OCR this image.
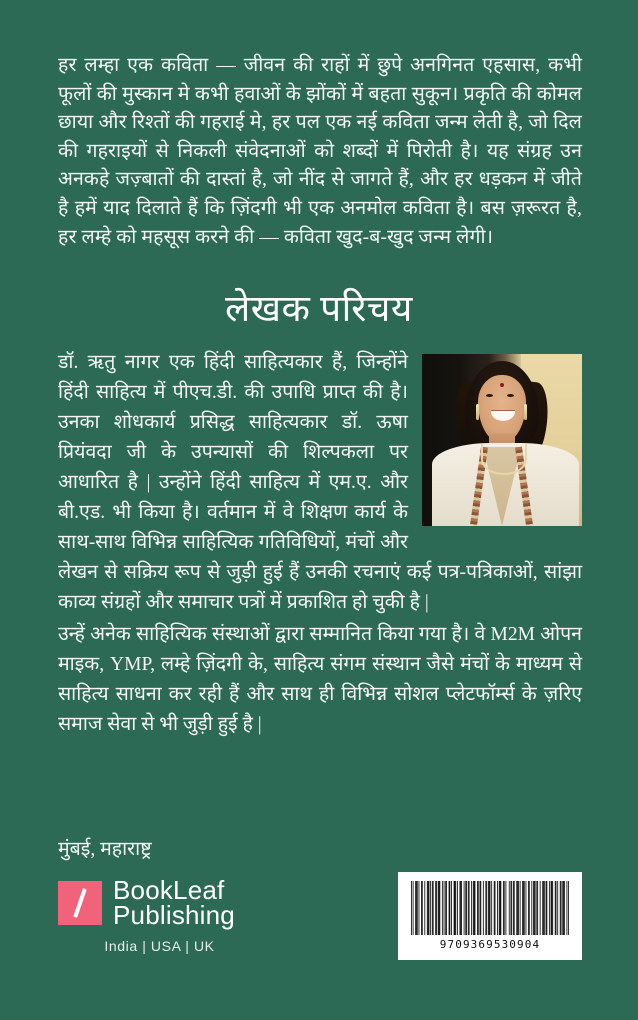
हर लम्हा एक कविता — जीवन की राहों में छुपे अनगिनत एहसास, कभी फूलों की मुस्कान मे कभी हवाओं के झोंकों में बहता सुकून। प्रकृति की कोमल छाया और रिश्तों की गहराई मे, हर पल एक नई कविता जन्म लेती है, जो दिल की गहराइयों से निकली संवेदनाओं को शब्दों में पिरोती है। यह संग्रह उन अनकहे जज़्बातों की दास्तां है, जो नींद से जागते हैं, और हर धड़कन में जीते है हमें याद दिलाते हैं कि ज़िंदगी भी एक अनमोल कविता है। बस ज़रूरत है, हर लम्हे को महसूस करने की — कविता खुद-ब-खुद जन्म लेगी।
लेखक परिचय

डॉ. ऋतु नागर एक हिंदी साहित्यकार हैं, जिन्होंने हिंदी साहित्य में पीएच.डी. की उपाधि प्राप्त की है। उनका शोधकार्य प्रसिद्ध साहित्यकार डॉ. ऊषा प्रियंवदा जी के उपन्यासों की शिल्पकला पर आधारित है | उन्होंने हिंदी साहित्य में एम.ए. और बी.एड. भी किया है। वर्तमान में वे शिक्षण कार्य के साथ-साथ विभिन्न साहित्यिक गतिविधियों, मंचों और लेखन से सक्रिय रूप से जुड़ी हुई हैं उनकी रचनाएं कई पत्र-पत्रिकाओं, सांझा काव्य संग्रहों और समाचार पत्रों में प्रकाशित हो चुकी है |

उन्हें अनेक साहित्यिक संस्थाओं द्वारा सम्मानित किया गया है। वे M2M ओपन माइक, YMP, लम्हे ज़िंदगी के, साहित्य संगम संस्थान जैसे मंचों के माध्यम से साहित्य साधना कर रही हैं और साथ ही विभिन्न सोशल प्लेटफॉर्म्स के ज़रिए समाज सेवा से भी जुड़ी हुई है |

मुंबई, महाराष्ट्र
BookLeaf
Publishing
India | USA | UK	9709369530904
